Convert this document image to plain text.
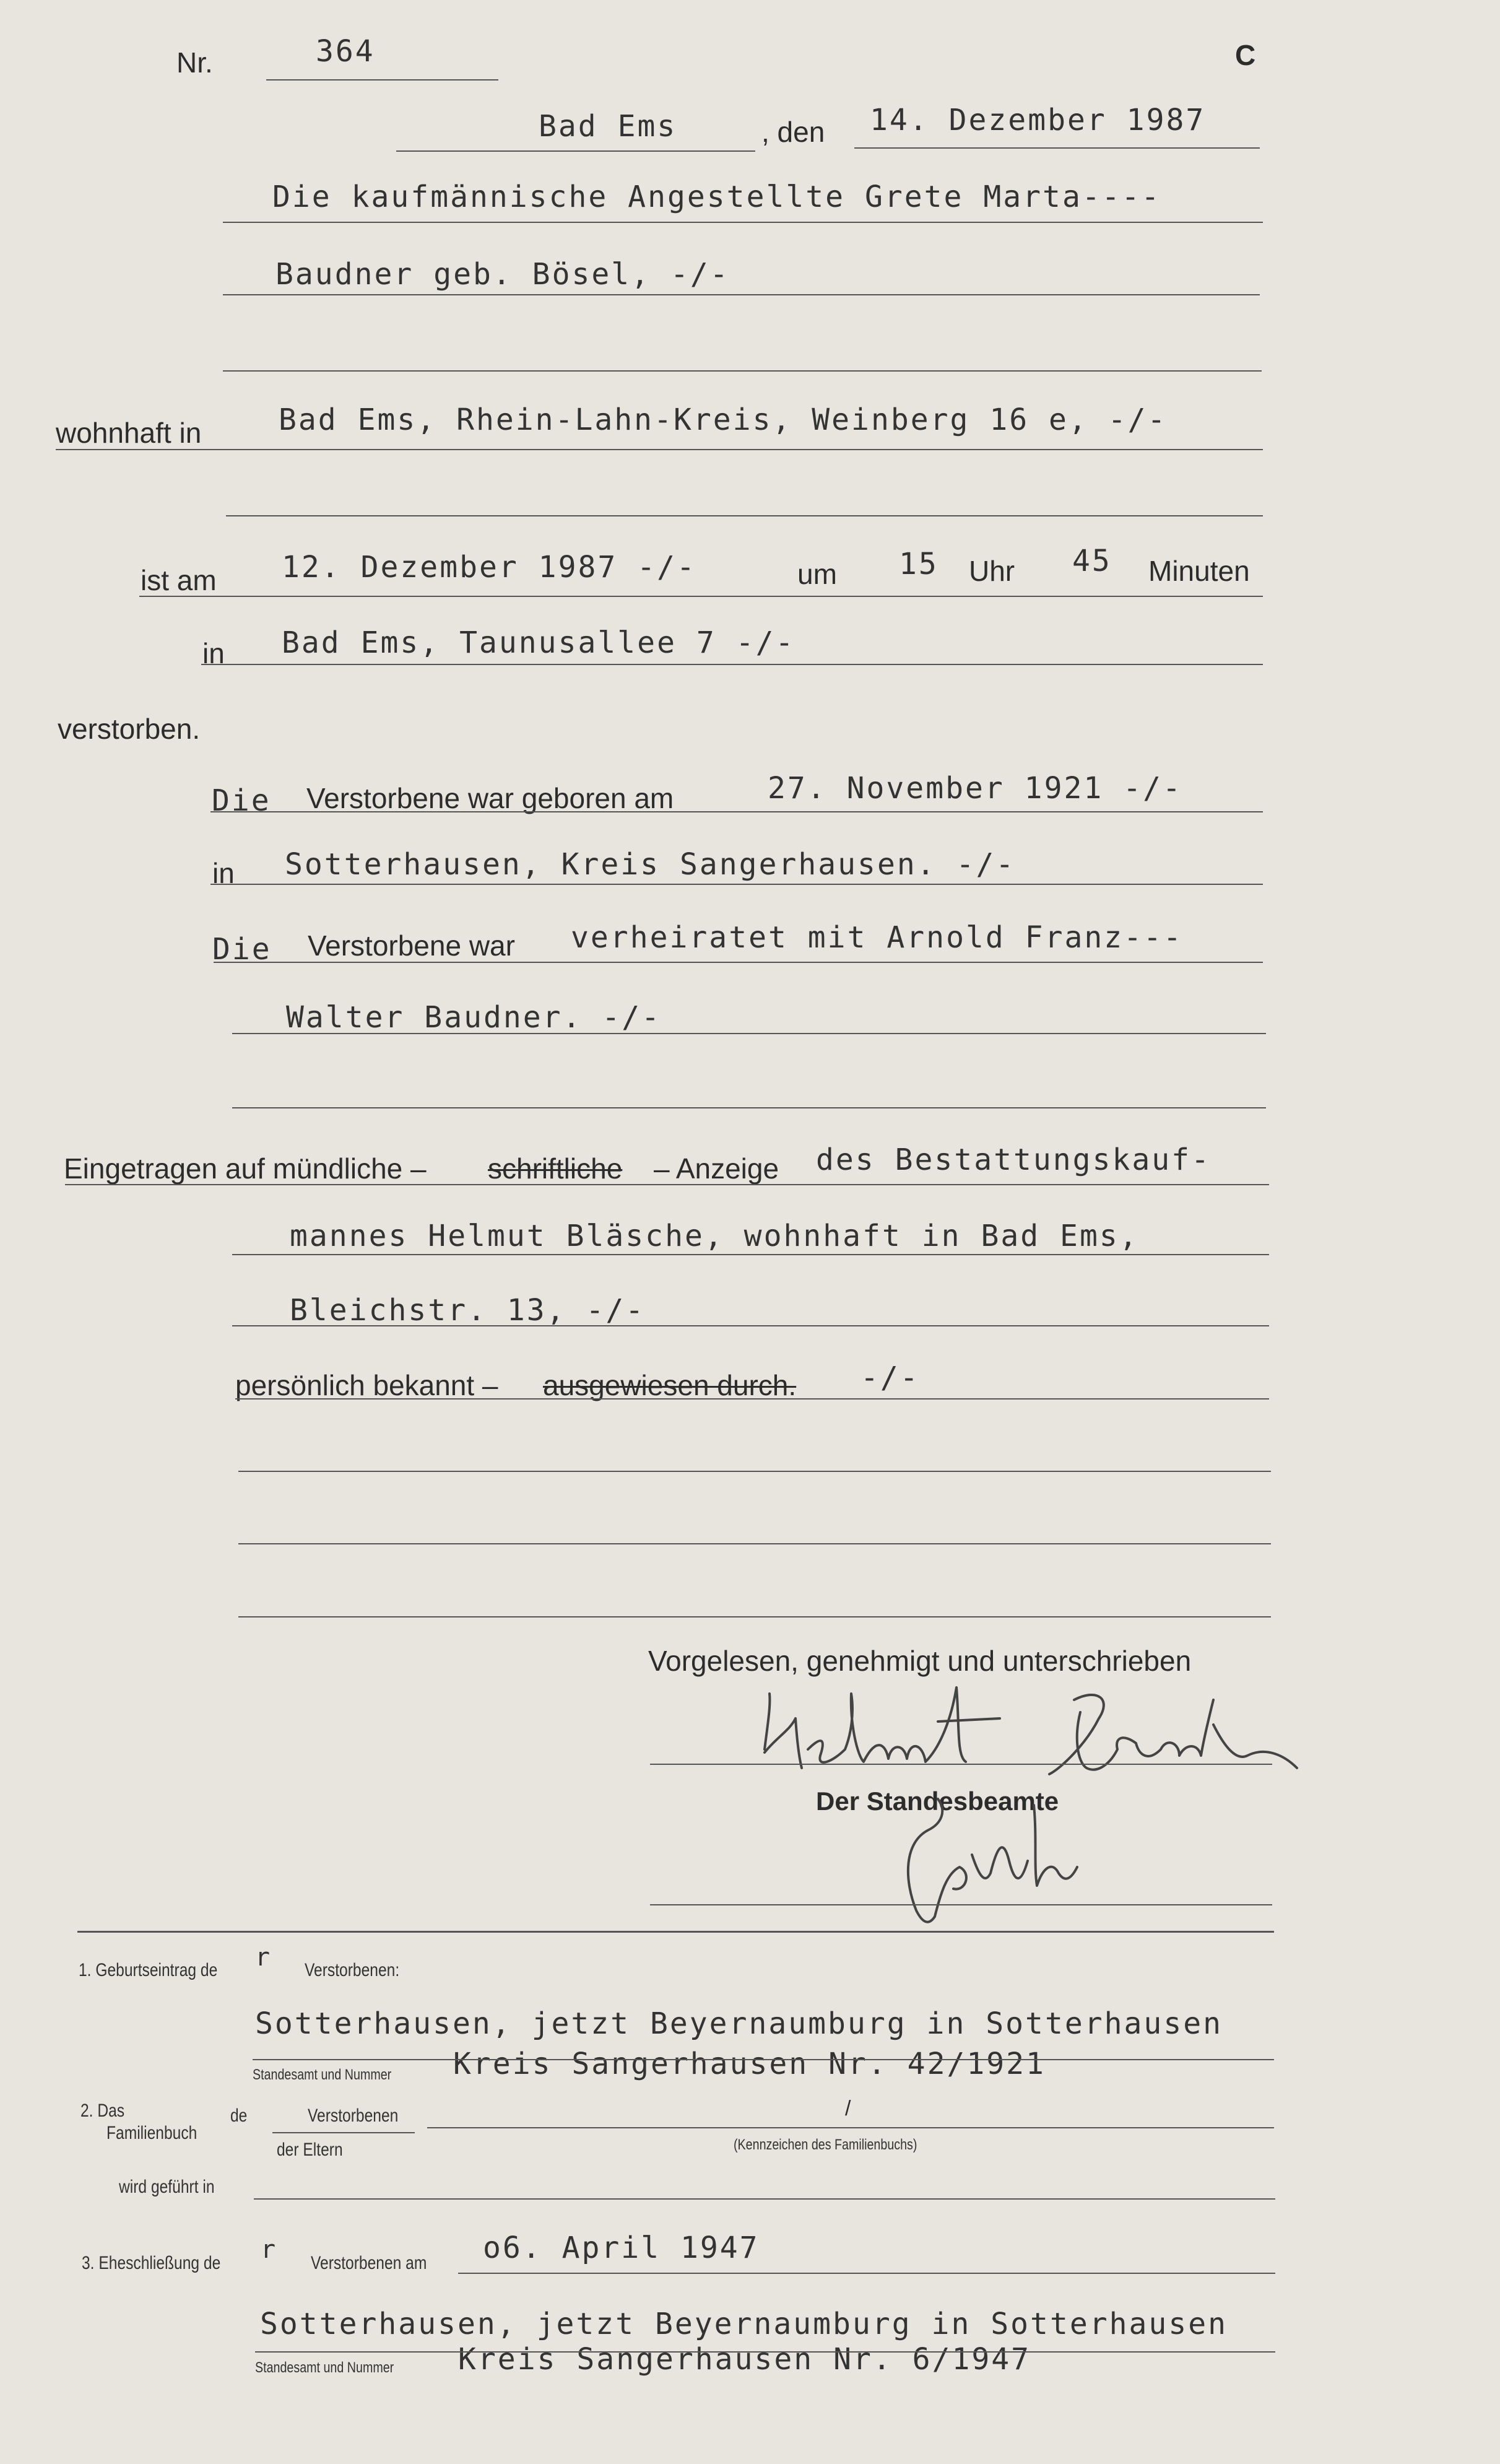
Nr.	364	C
Bad Ems	, den 14. Dezember 1987
Die kaufmännische Angestellte Grete Marta----
Baudner geb. Bösel, -/-
wohnhaft in	Bad Ems, Rhein-Lahn-Kreis, Weinberg 16 e, -/-
ist am 12. Dezember 1987 -/-	um 15 Uhr 45 Minuten
in Bad Ems, Taunusallee 7 -/-
verstorben.
Die Verstorbene war geboren am	27. November 1921 -/-
in Sotterhausen, Kreis Sangerhausen. -/-
Die Verstorbene war verheiratet mit Arnold Franz---
Walter Baudner. -/-
Eingetragen auf mündliche – schriftliche – Anzeige des Bestattungskauf-
mannes Helmut Bläsche, wohnhaft in Bad Ems,
Bleichstr. 13, -/-
persönlich bekannt – ausgewiesen durch. -/-
Vorgelesen, genehmigt und unterschrieben
Der Standesbeamte
1. Geburtseintrag de r Verstorbenen:
Sotterhausen, jetzt Beyernaumburg in Sotterhausen
Kreis Sangerhausen Nr. 42/1921
Standesamt und Nummer
2. Das
Familienbuch
de	Verstorbenen
der Eltern
/
(Kennzeichen des Familienbuchs)
wird geführt in
3. Eheschließung de r Verstorbenen am o6. April 1947
Sotterhausen, jetzt Beyernaumburg in Sotterhausen
Kreis Sangerhausen Nr. 6/1947
Standesamt und Nummer
